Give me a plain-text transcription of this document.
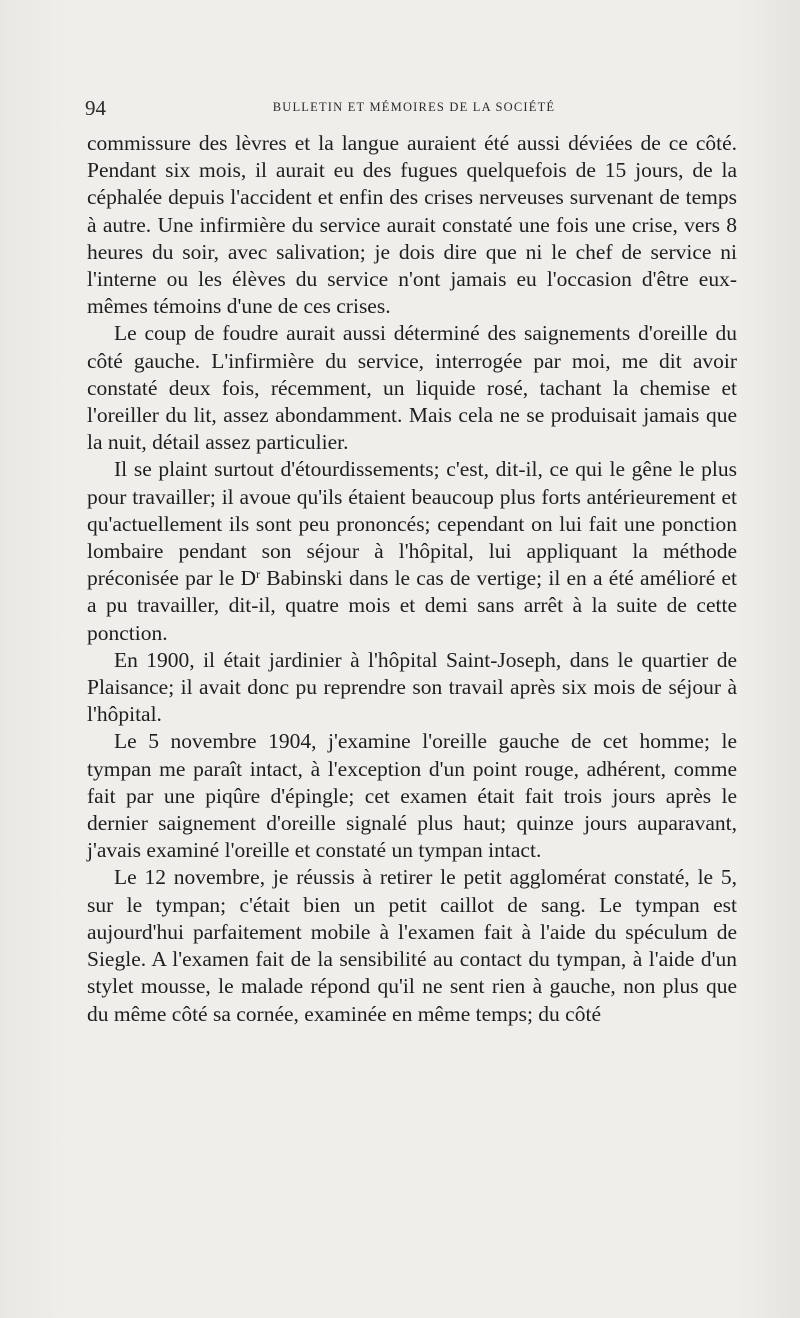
94	BULLETIN ET MÉMOIRES DE LA SOCIÉTÉ

commissure des lèvres et la langue auraient été aussi déviées de ce côté. Pendant six mois, il aurait eu des fugues quelquefois de 15 jours, de la céphalée depuis l'accident et enfin des crises nerveuses survenant de temps à autre. Une infirmière du service aurait constaté une fois une crise, vers 8 heures du soir, avec salivation; je dois dire que ni le chef de service ni l'interne ou les élèves du service n'ont jamais eu l'occasion d'être eux-mêmes témoins d'une de ces crises.

Le coup de foudre aurait aussi déterminé des saignements d'oreille du côté gauche. L'infirmière du service, interrogée par moi, me dit avoir constaté deux fois, récemment, un liquide rosé, tachant la chemise et l'oreiller du lit, assez abondamment. Mais cela ne se produisait jamais que la nuit, détail assez particulier.

Il se plaint surtout d'étourdissements; c'est, dit-il, ce qui le gêne le plus pour travailler; il avoue qu'ils étaient beaucoup plus forts antérieurement et qu'actuellement ils sont peu prononcés; cependant on lui fait une ponction lombaire pendant son séjour à l'hôpital, lui appliquant la méthode préconisée par le $D^r$ Babinski dans le cas de vertige; il en a été amélioré et a pu travailler, dit-il, quatre mois et demi sans arrêt à la suite de cette ponction.

En 1900, il était jardinier à l'hôpital Saint-Joseph, dans le quartier de Plaisance; il avait donc pu reprendre son travail après six mois de séjour à l'hôpital.

Le 5 novembre 1904, j'examine l'oreille gauche de cet homme; le tympan me paraît intact, à l'exception d'un point rouge, adhérent, comme fait par une piqûre d'épingle; cet examen était fait trois jours après le dernier saignement d'oreille signalé plus haut; quinze jours auparavant, j'avais examiné l'oreille et constaté un tympan intact.

Le 12 novembre, je réussis à retirer le petit agglomérat constaté, le 5, sur le tympan; c'était bien un petit caillot de sang. Le tympan est aujourd'hui parfaitement mobile à l'examen fait à l'aide du spéculum de Siegle. A l'examen fait de la sensibilité au contact du tympan, à l'aide d'un stylet mousse, le malade répond qu'il ne sent rien à gauche, non plus que du même côté sa cornée, examinée en même temps; du côté
